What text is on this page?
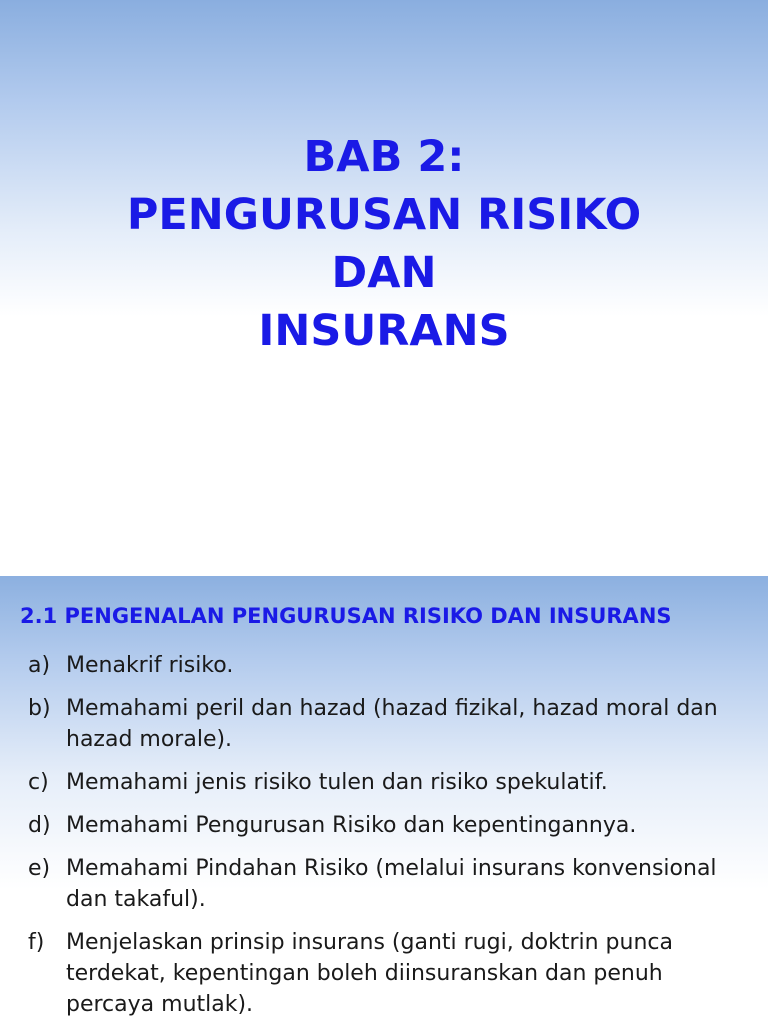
BAB 2:
PENGURUSAN RISIKO
DAN
INSURANS
2.1 PENGENALAN PENGURUSAN RISIKO DAN INSURANS
a) Menakrif risiko.
b) Memahami peril dan hazad (hazad fizikal, hazad moral dan hazad morale).
c) Memahami jenis risiko tulen dan risiko spekulatif.
d) Memahami Pengurusan Risiko dan kepentingannya.
e) Memahami Pindahan Risiko (melalui insurans konvensional dan takaful).
f) Menjelaskan prinsip insurans (ganti rugi, doktrin punca terdekat, kepentingan boleh diinsuranskan dan penuh percaya mutlak).
